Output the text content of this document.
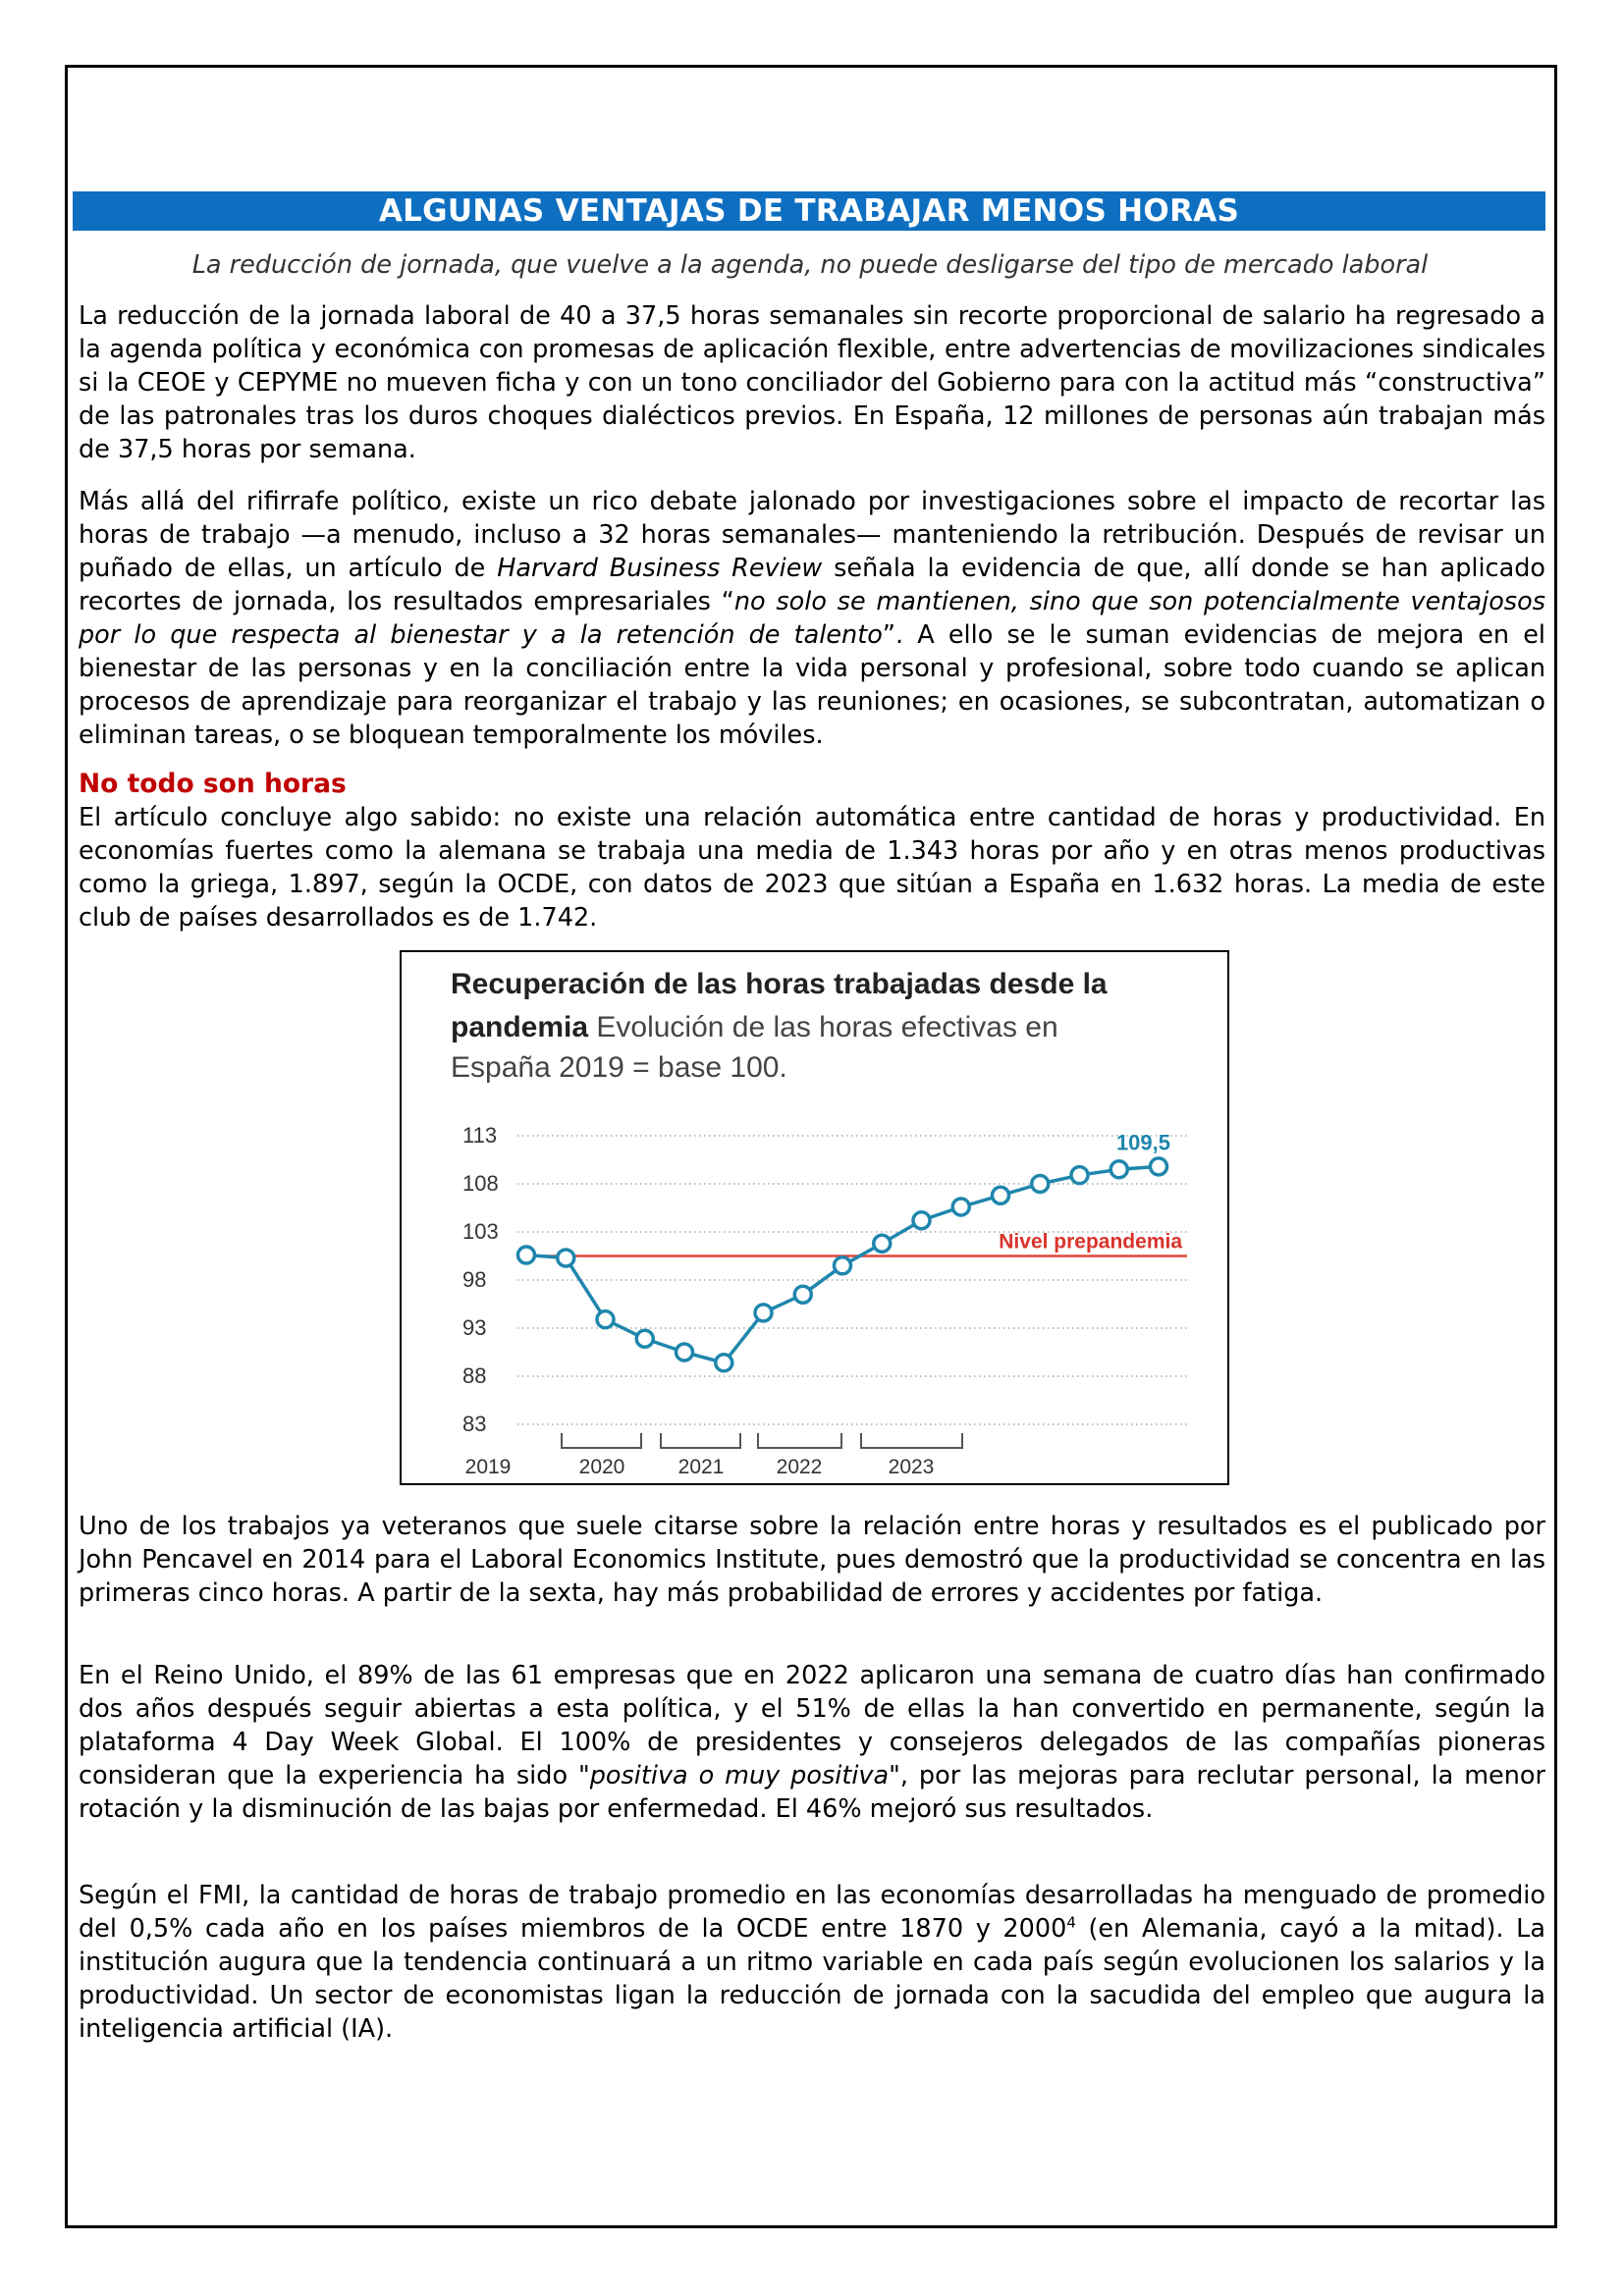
ALGUNAS VENTAJAS DE TRABAJAR MENOS HORAS
La reducción de jornada, que vuelve a la agenda, no puede desligarse del tipo de mercado laboral

La reducción de la jornada laboral de 40 a 37,5 horas semanales sin recorte proporcional de salario ha regresado a la agenda política y económica con promesas de aplicación flexible, entre advertencias de movilizaciones sindicales si la CEOE y CEPYME no mueven ficha y con un tono conciliador del Gobierno para con la actitud más “constructiva” de las patronales tras los duros choques dialécticos previos. En España, 12 millones de personas aún trabajan más de 37,5 horas por semana.

Más allá del rifirrafe político, existe un rico debate jalonado por investigaciones sobre el impacto de recortar las horas de trabajo —a menudo, incluso a 32 horas semanales— manteniendo la retribución. Después de revisar un puñado de ellas, un artículo de Harvard Business Review señala la evidencia de que, allí donde se han aplicado recortes de jornada, los resultados empresariales “no solo se mantienen, sino que son potencialmente ventajosos por lo que respecta al bienestar y a la retención de talento”. A ello se le suman evidencias de mejora en el bienestar de las personas y en la conciliación entre la vida personal y profesional, sobre todo cuando se aplican procesos de aprendizaje para reorganizar el trabajo y las reuniones; en ocasiones, se subcontratan, automatizan o eliminan tareas, o se bloquean temporalmente los móviles.

No todo son horas

El artículo concluye algo sabido: no existe una relación automática entre cantidad de horas y productividad. En economías fuertes como la alemana se trabaja una media de 1.343 horas por año y en otras menos productivas como la griega, 1.897, según la OCDE, con datos de 2023 que sitúan a España en 1.632 horas. La media de este club de países desarrollados es de 1.742.

Recuperación de las horas trabajadas desde la
pandemia Evolución de las horas efectivas en
España 2019 = base 100.
113
108
103
98
93
88
83
Nivel prepandemia
109,5
2019	2020	2021	2022	2023

Uno de los trabajos ya veteranos que suele citarse sobre la relación entre horas y resultados es el publicado por John Pencavel en 2014 para el Laboral Economics Institute, pues demostró que la productividad se concentra en las primeras cinco horas. A partir de la sexta, hay más probabilidad de errores y accidentes por fatiga.

En el Reino Unido, el 89% de las 61 empresas que en 2022 aplicaron una semana de cuatro días han confirmado dos años después seguir abiertas a esta política, y el 51% de ellas la han convertido en permanente, según la plataforma 4 Day Week Global. El 100% de presidentes y consejeros delegados de las compañías pioneras consideran que la experiencia ha sido "positiva o muy positiva", por las mejoras para reclutar personal, la menor rotación y la disminución de las bajas por enfermedad. El 46% mejoró sus resultados.

Según el FMI, la cantidad de horas de trabajo promedio en las economías desarrolladas ha menguado de promedio del 0,5% cada año en los países miembros de la OCDE entre 1870 y 2000$^4$ (en Alemania, cayó a la mitad). La institución augura que la tendencia continuará a un ritmo variable en cada país según evolucionen los salarios y la productividad. Un sector de economistas ligan la reducción de jornada con la sacudida del empleo que augura la inteligencia artificial (IA).
